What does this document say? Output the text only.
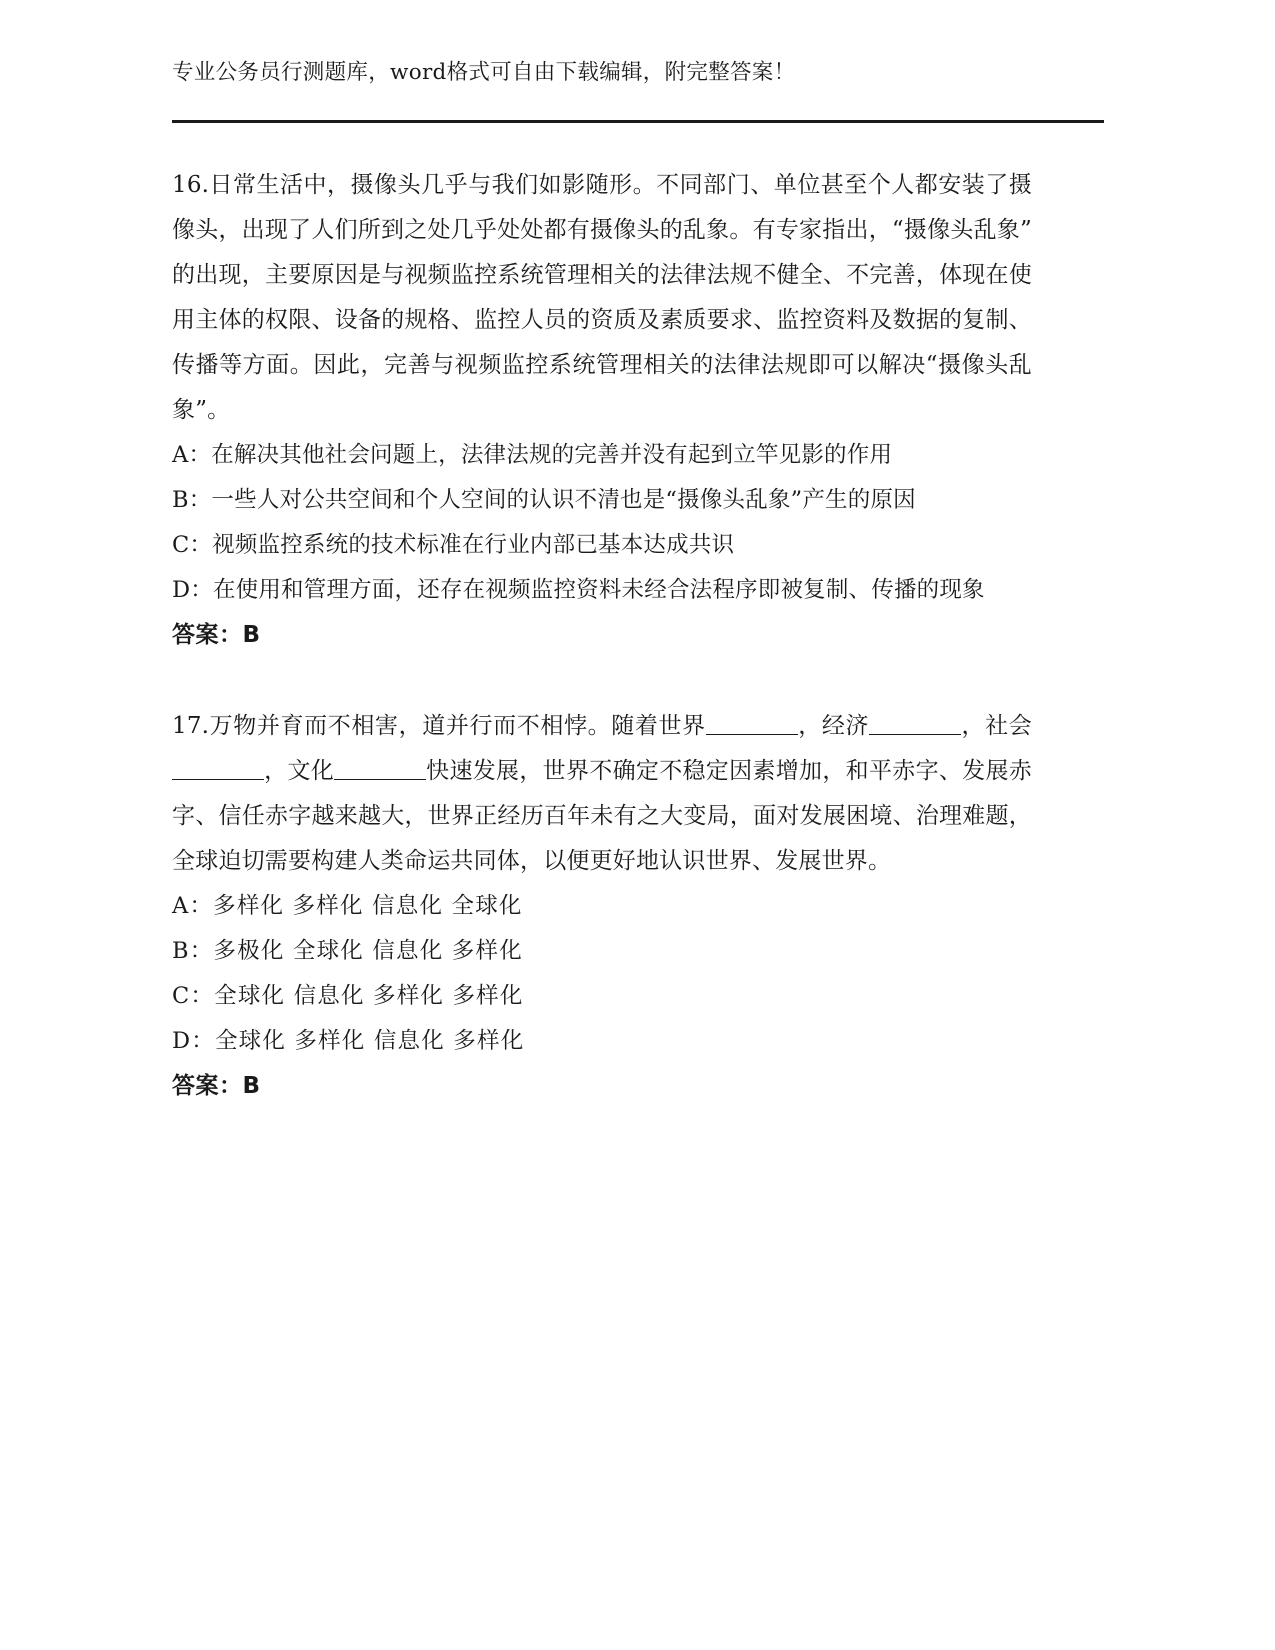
专业公务员行测题库，word格式可自由下载编辑，附完整答案！
16.日常生活中，摄像头几乎与我们如影随形。不同部门、单位甚至个人都安装了摄像头，出现了人们所到之处几乎处处都有摄像头的乱象。有专家指出，“摄像头乱象”的出现，主要原因是与视频监控系统管理相关的法律法规不健全、不完善，体现在使用主体的权限、设备的规格、监控人员的资质及素质要求、监控资料及数据的复制、传播等方面。因此，完善与视频监控系统管理相关的法律法规即可以解决“摄像头乱象”。
A：在解决其他社会问题上，法律法规的完善并没有起到立竿见影的作用
B：一些人对公共空间和个人空间的认识不清也是“摄像头乱象”产生的原因
C：视频监控系统的技术标准在行业内部已基本达成共识
D：在使用和管理方面，还存在视频监控资料未经合法程序即被复制、传播的现象
答案：B
17.万物并育而不相害，道并行而不相悖。随着世界	，经济	，社会，文化	快速发展，世界不确定不稳定因素增加，和平赤字、发展赤字、信任赤字越来越大，世界正经历百年未有之大变局，面对发展困境、治理难题，全球迫切需要构建人类命运共同体，以便更好地认识世界、发展世界。
A：多样化 多样化 信息化 全球化
B：多极化 全球化 信息化 多样化
C：全球化 信息化 多样化 多样化
D：全球化 多样化 信息化 多样化
答案：B
